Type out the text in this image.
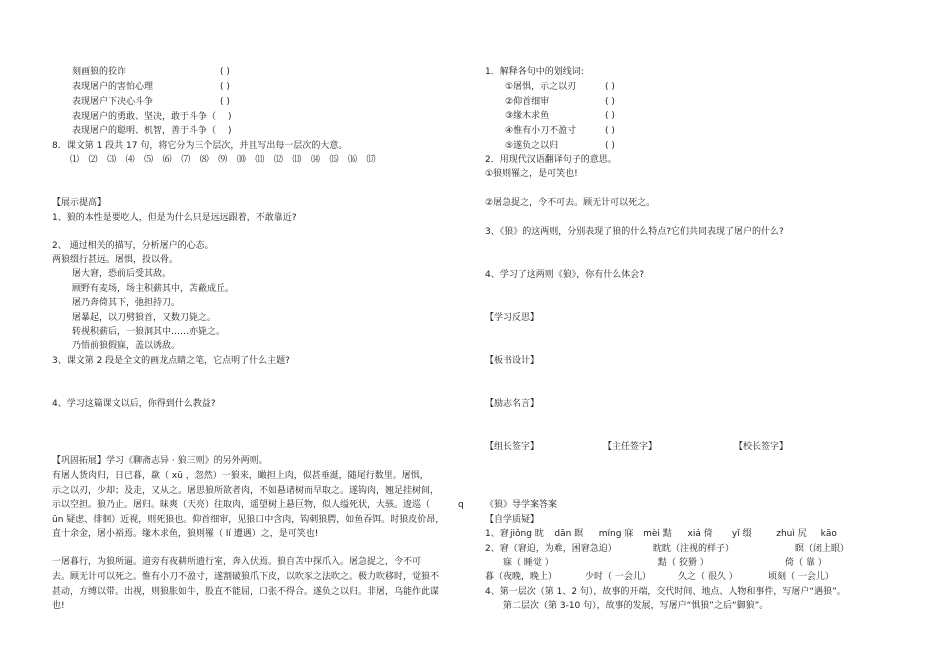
刻画狼的狡诈	( )
表现屠户的害怕心理	( )
表现屠户下决心斗争	( )
表现屠户的勇敢、坚决，敢于斗争（ )
表现屠户的聪明、机智，善于斗争（ )
8．课文第 1 段共 17 句，将它分为三个层次，并且写出每一层次的大意。
⑴	⑵	⑶	⑷	⑸	⑹	⑺	⑻	⑼	⑽	⑾	⑿	⒀	⒁	⒂	⒃	⒄
【展示提高】
1、狼的本性是要吃人，但是为什么只是远远跟着，不敢靠近?
2、 通过相关的描写，分析屠户的心态。
两狼缀行甚远。屠惧，投以骨。
屠大窘，恐前后受其敌。
顾野有麦场，场主积薪其中，苫蔽成丘。
屠乃奔倚其下，弛担持刀。
屠暴起，以刀劈狼首，又数刀毙之。
转视积薪后，一狼洞其中……亦毙之。
乃悟前狼假寐，盖以诱敌。
3、课文第 2 段是全文的画龙点睛之笔，它点明了什么主题?
4、学习这篇课文以后，你得到什么教益?
【巩固拓展】学习《聊斋志异 · 狼三则》的另外两则。
有屠人货肉归，日已暮，歘（ xū ，忽然）一狼来，瞰担上肉，似甚垂涎，随尾行数里。屠惧，
示之以刃，少却；及走，又从之。屠思狼所欲者肉，不如悬诸树而早取之。遂钩肉，翘足挂树间，
示以空担。狼乃止。屠归。昧爽（天亮）往取肉，遥望树上悬巨物，似人缢死状，大骇。逡巡（
ūn 疑虑、徘徊）近视，则死狼也。仰首细审，见狼口中含肉，钩刺狼腭，如鱼吞饵。时狼皮价昂，
直十余金，屠小裕焉。缘木求鱼，狼则罹（ lí 遭遇）之，是可笑也!
一屠暮行，为狼所逼。道旁有夜耕所遗行室，奔入伏焉。狼自苫中探爪入。屠急捉之，令不可
去。顾无计可以死之。惟有小刀不盈寸，遂割破狼爪下皮，以吹豕之法吹之。极力吹移时，觉狼不
甚动，方缚以带。出视，则狼胀如牛，股直不能屈，口张不得合。遂负之以归。非屠，乌能作此谋
也!
1．解释各句中的划线词:
①屠惧，示之以刃	( )
②仰首细审	( )
③缘木求鱼	( )
④惟有小刀不盈寸	( )
⑤遂负之以归	( )
2．用现代汉语翻译句子的意思。
①狼则罹之，是可笑也!
②屠急捉之，令不可去。顾无计可以死之。
3、《狼》的这两则，分别表现了狼的什么特点?它们共同表现了屠户的什么?
4、学习了这两则《狼》，你有什么体会?
【学习反思】
【板书设计】
【励志名言】
【组长签字】	【主任签字】	【校长签字】
q 《狼》导学案答案
【自学质疑】
1、窘 jiǒng 眈	dān 瞑	míng 寐	mèi 黠	xiá 倚	yǐ 缀	zhuì 尻	kāo
2、窘（窘迫，为难，困窘急迫）	眈眈（注视的样子）	瞑（闭上眼）
寐（ 睡觉 ）	黠（ 狡猾 ）	倚（ 靠 ）
暮（夜晚，晚上）	少时（ 一会儿）	久之（ 很久 ）	顷刻（ 一会儿）
4、第一层次（第 1、2 句），故事的开端，交代时间、地点、人物和事件，写屠户“遇狼”。
第二层次（第 3-10 句），故事的发展，写屠户“惧狼”之后“御狼”。
